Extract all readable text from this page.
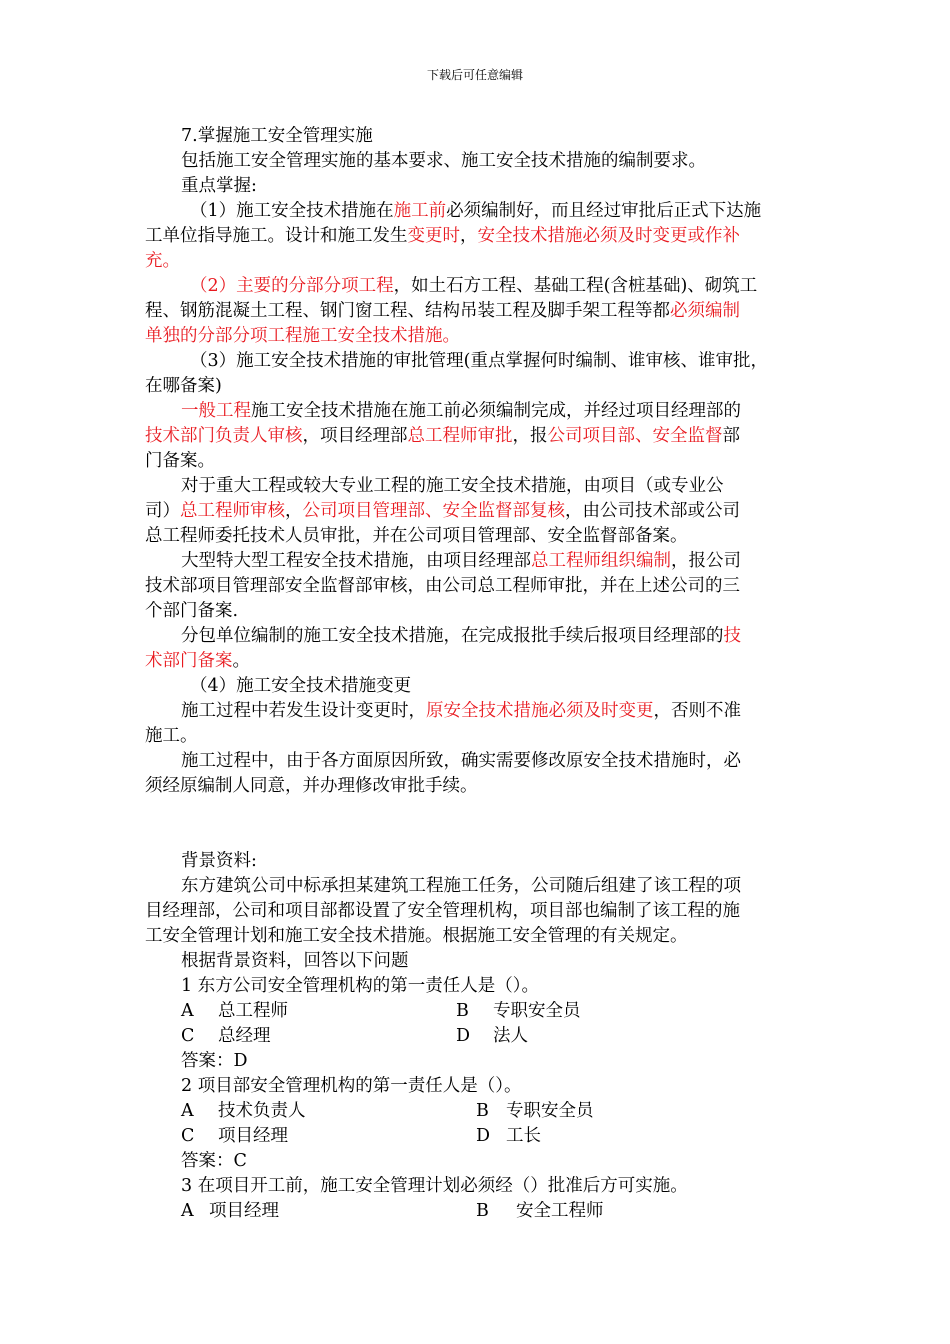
下载后可任意编辑
7.掌握施工安全管理实施
包括施工安全管理实施的基本要求、施工安全技术措施的编制要求。
重点掌握:
（1）施工安全技术措施在施工前必须编制好，而且经过审批后正式下达施
工单位指导施工。设计和施工发生变更时，安全技术措施必须及时变更或作补
充。
（2）主要的分部分项工程，如土石方工程、基础工程(含桩基础)、砌筑工
程、钢筋混凝土工程、钢门窗工程、结构吊装工程及脚手架工程等都必须编制
单独的分部分项工程施工安全技术措施。
（3）施工安全技术措施的审批管理(重点掌握何时编制、谁审核、谁审批，
在哪备案)
一般工程施工安全技术措施在施工前必须编制完成，并经过项目经理部的
技术部门负责人审核，项目经理部总工程师审批，报公司项目部、安全监督部
门备案。
对于重大工程或较大专业工程的施工安全技术措施，由项目（或专业公
司）总工程师审核，公司项目管理部、安全监督部复核，由公司技术部或公司
总工程师委托技术人员审批，并在公司项目管理部、安全监督部备案。
大型特大型工程安全技术措施，由项目经理部总工程师组织编制，报公司
技术部项目管理部安全监督部审核，由公司总工程师审批，并在上述公司的三
个部门备案.
分包单位编制的施工安全技术措施，在完成报批手续后报项目经理部的技
术部门备案。
（4）施工安全技术措施变更
施工过程中若发生设计变更时，原安全技术措施必须及时变更，否则不准
施工。
施工过程中，由于各方面原因所致，确实需要修改原安全技术措施时，必
须经原编制人同意，并办理修改审批手续。
背景资料:
东方建筑公司中标承担某建筑工程施工任务，公司随后组建了该工程的项
目经理部，公司和项目部都设置了安全管理机构，项目部也编制了该工程的施
工安全管理计划和施工安全技术措施。根据施工安全管理的有关规定。
根据背景资料，回答以下问题
1 东方公司安全管理机构的第一责任人是（）。
A 总工程师	B 专职安全员
C 总经理	D 法人
答案：D
2 项目部安全管理机构的第一责任人是（）。
A 技术负责人	B 专职安全员
C 项目经理	D 工长
答案：C
3 在项目开工前，施工安全管理计划必须经（）批准后方可实施。
A 项目经理	B 安全工程师
